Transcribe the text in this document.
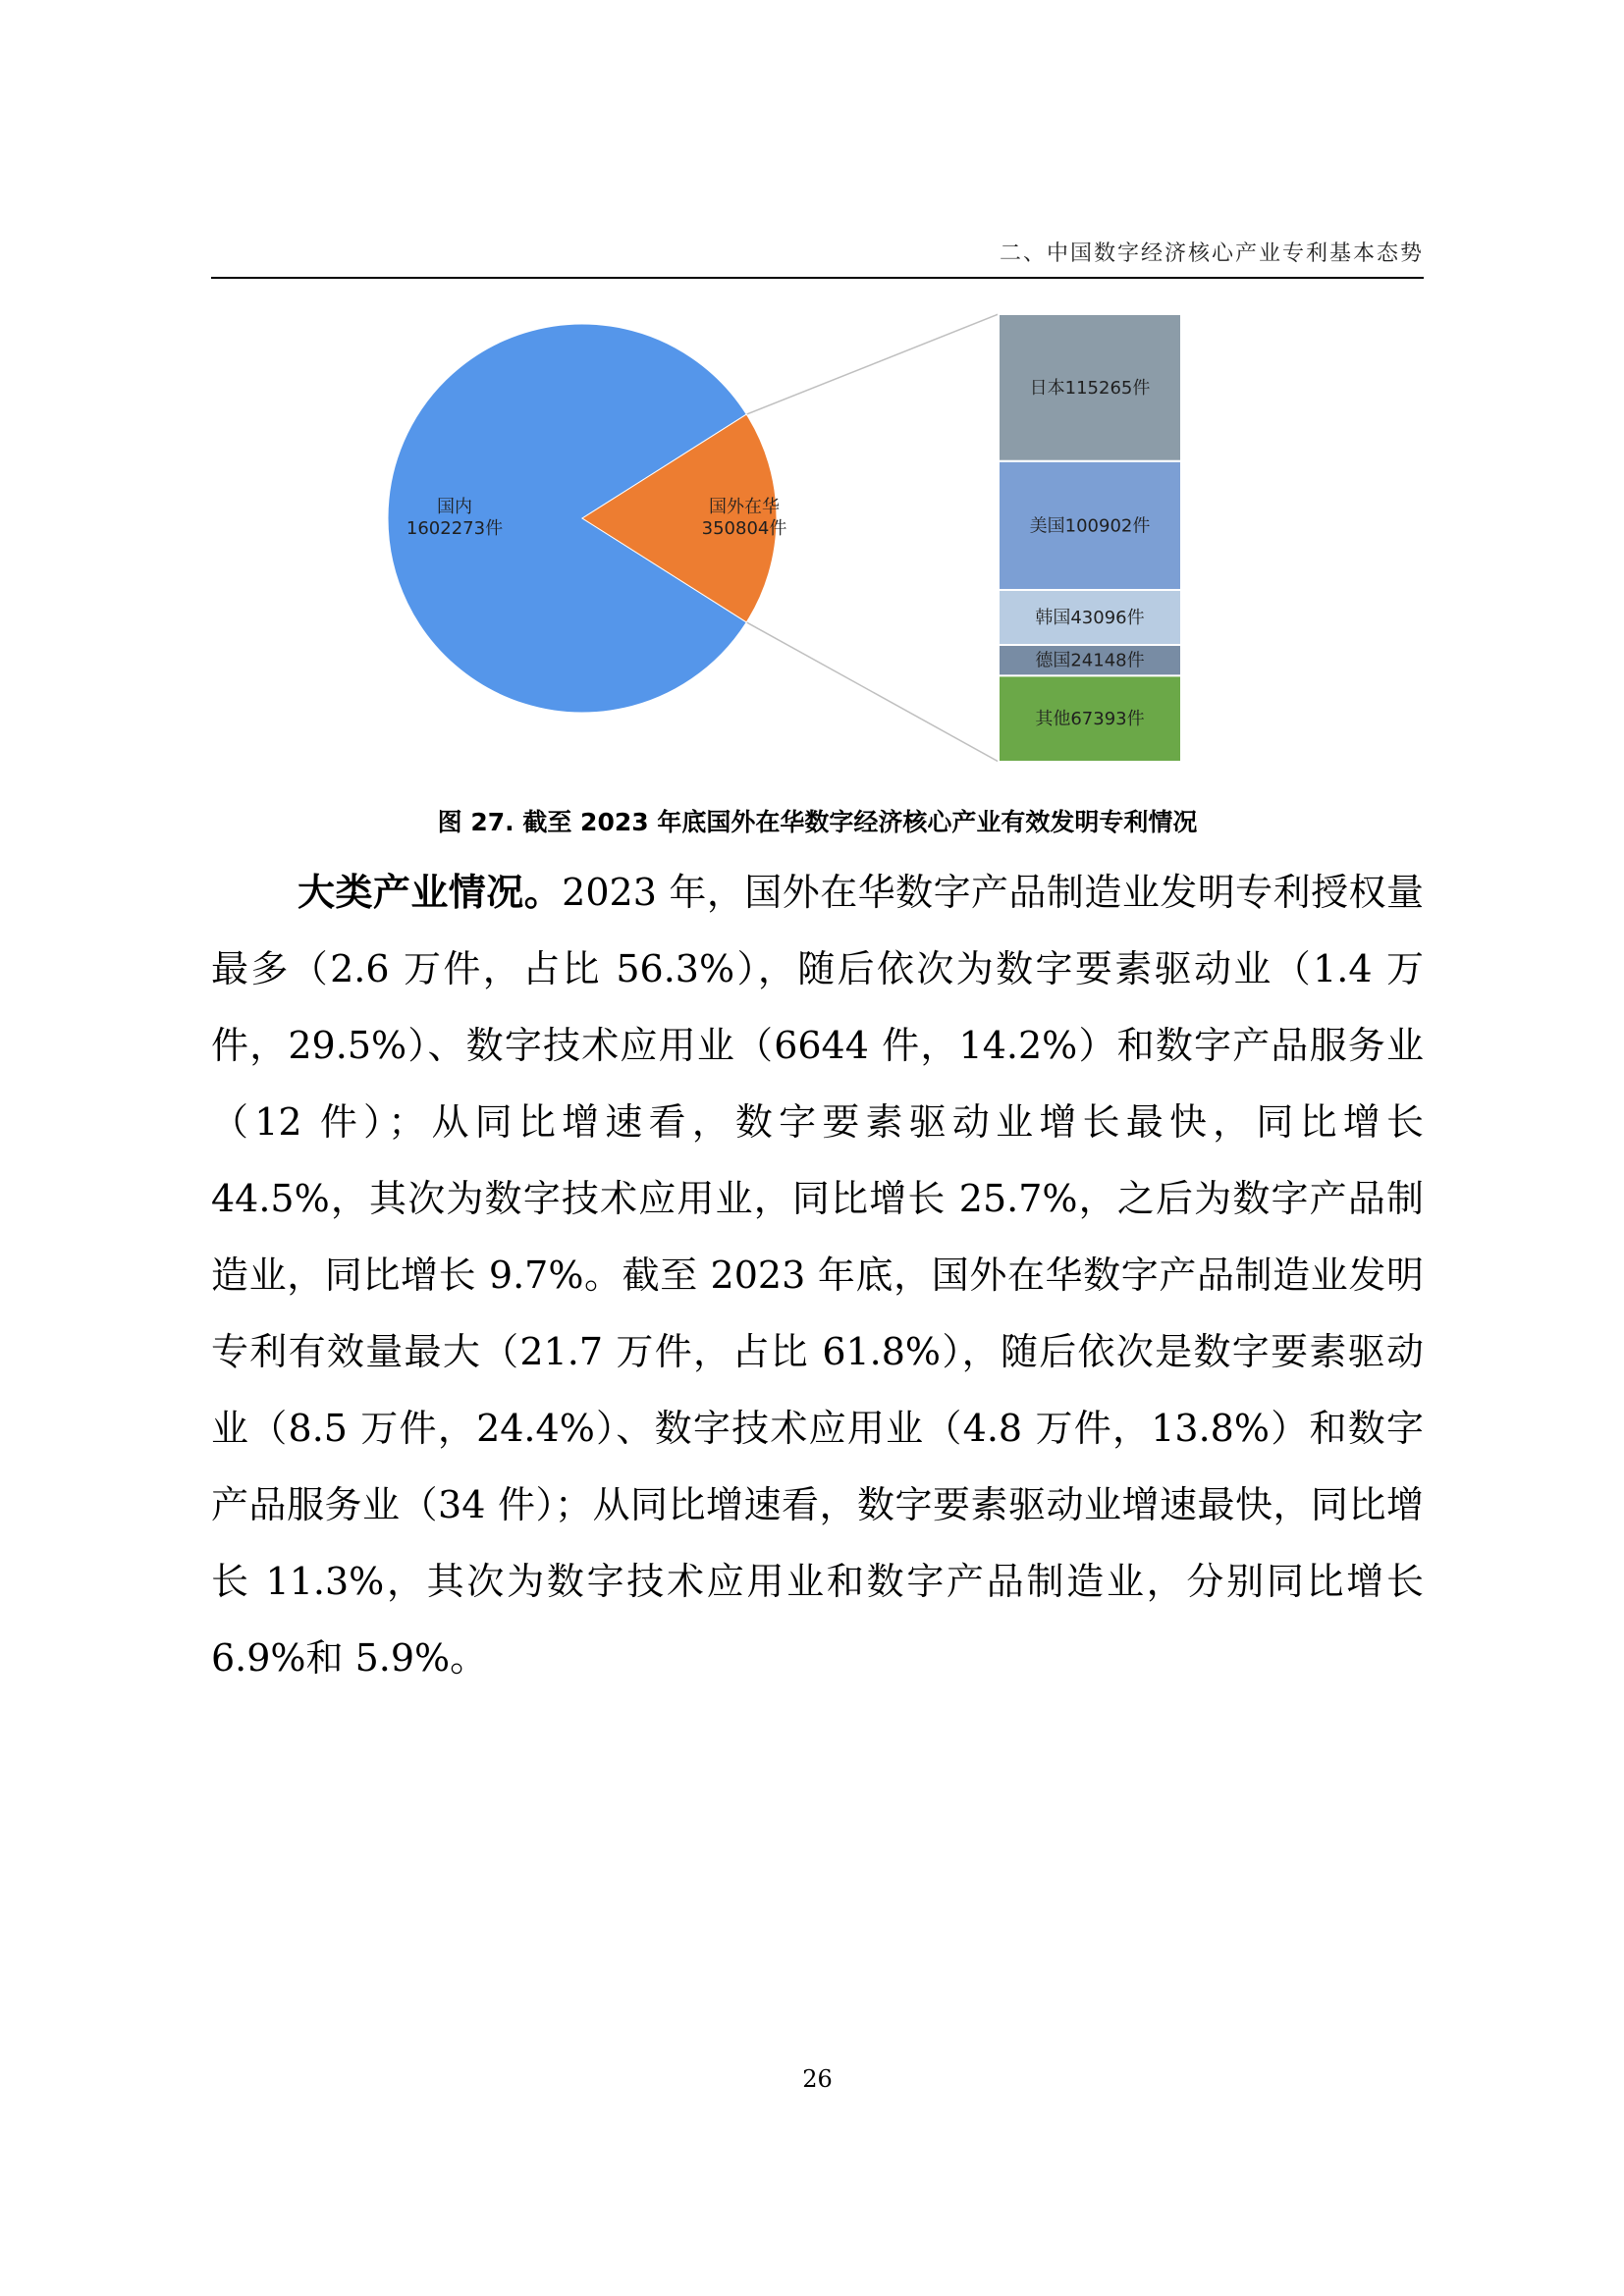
二、中国数字经济核心产业专利基本态势
国内
1602273件
国外在华
350804件
日本115265件
美国100902件
韩国43096件
德国24148件
其他67393件
图 27. 截至 2023 年底国外在华数字经济核心产业有效发明专利情况

大类产业情况。2023 年，国外在华数字产品制造业发明专利授权量最多（2.6 万件，占比 56.3%），随后依次为数字要素驱动业（1.4 万件，29.5%）、数字技术应用业（6644 件，14.2%）和数字产品服务业（12 件）；从同比增速看，数字要素驱动业增长最快，同比增长 44.5%，其次为数字技术应用业，同比增长 25.7%，之后为数字产品制造业，同比增长 9.7%。截至 2023 年底，国外在华数字产品制造业发明专利有效量最大（21.7 万件，占比 61.8%），随后依次是数字要素驱动业（8.5 万件，24.4%）、数字技术应用业（4.8 万件，13.8%）和数字产品服务业（34 件）；从同比增速看，数字要素驱动业增速最快，同比增长 11.3%，其次为数字技术应用业和数字产品制造业，分别同比增长 6.9%和 5.9%。

26
